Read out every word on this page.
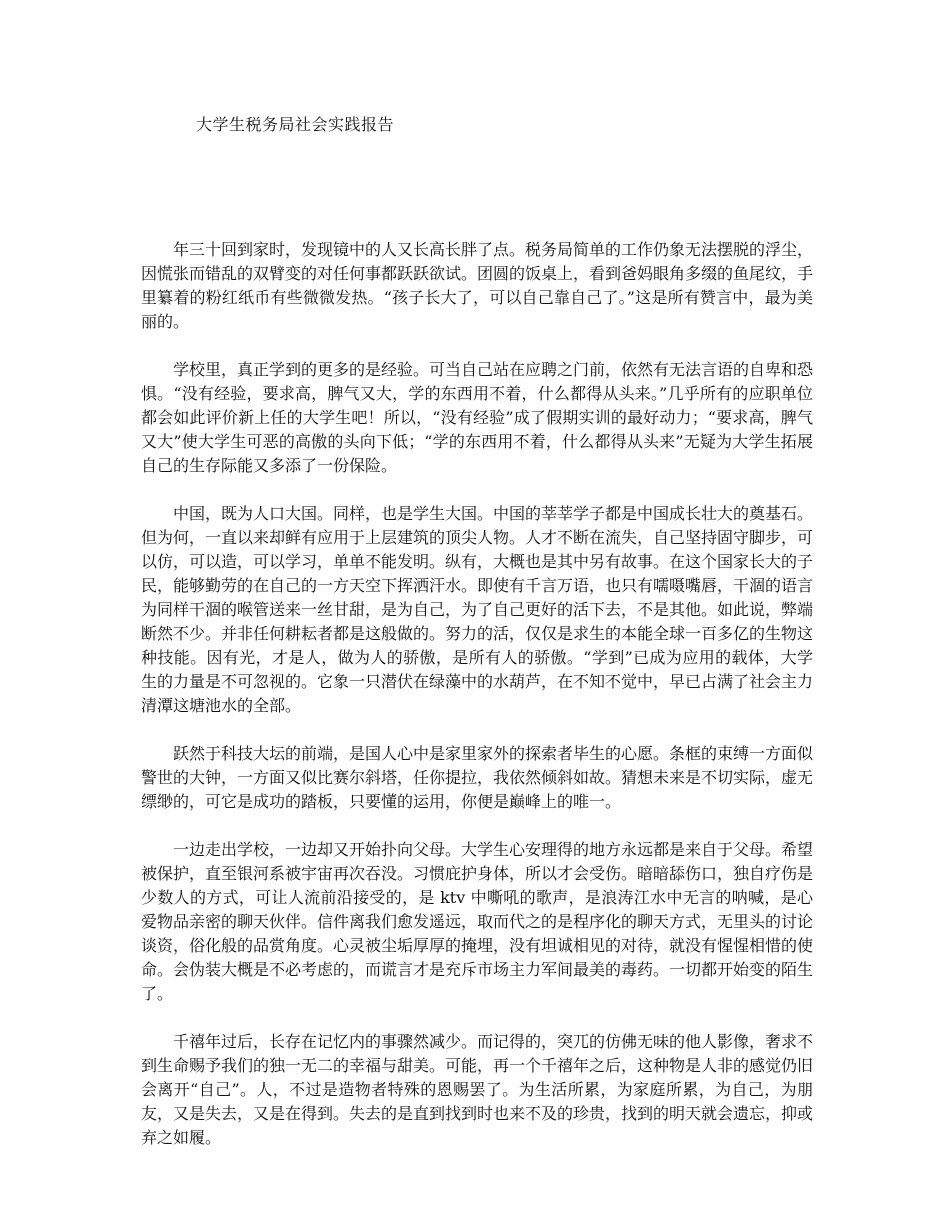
大学生税务局社会实践报告

年三十回到家时，发现镜中的人又长高长胖了点。税务局简单的工作仍象无法摆脱的浮尘，因慌张而错乱的双臂变的对任何事都跃跃欲试。团圆的饭桌上，看到爸妈眼角多缀的鱼尾纹，手里纂着的粉红纸币有些微微发热。“孩子长大了，可以自己靠自己了。”这是所有赞言中，最为美丽的。

学校里，真正学到的更多的是经验。可当自己站在应聘之门前，依然有无法言语的自卑和恐惧。“没有经验，要求高，脾气又大，学的东西用不着，什么都得从头来。”几乎所有的应职单位都会如此评价新上任的大学生吧！所以，“没有经验”成了假期实训的最好动力；“要求高，脾气又大”使大学生可恶的高傲的头向下低；“学的东西用不着，什么都得从头来”无疑为大学生拓展自己的生存际能又多添了一份保险。

中国，既为人口大国。同样，也是学生大国。中国的莘莘学子都是中国成长壮大的奠基石。但为何，一直以来却鲜有应用于上层建筑的顶尖人物。人才不断在流失，自己坚持固守脚步，可以仿，可以造，可以学习，单单不能发明。纵有，大概也是其中另有故事。在这个国家长大的子民，能够勤劳的在自己的一方天空下挥洒汗水。即使有千言万语，也只有嚅嗫嘴唇，干涸的语言为同样干涸的喉管送来一丝甘甜，是为自己，为了自己更好的活下去，不是其他。如此说，弊端断然不少。并非任何耕耘者都是这般做的。努力的活，仅仅是求生的本能全球一百多亿的生物这种技能。因有光，才是人，做为人的骄傲，是所有人的骄傲。“学到”已成为应用的载体，大学生的力量是不可忽视的。它象一只潜伏在绿藻中的水葫芦，在不知不觉中，早已占满了社会主力清潭这塘池水的全部。

跃然于科技大坛的前端，是国人心中是家里家外的探索者毕生的心愿。条框的束缚一方面似警世的大钟，一方面又似比赛尔斜塔，任你提拉，我依然倾斜如故。猜想未来是不切实际，虚无缥缈的，可它是成功的踏板，只要懂的运用，你便是巅峰上的唯一。

一边走出学校，一边却又开始扑向父母。大学生心安理得的地方永远都是来自于父母。希望被保护，直至银河系被宇宙再次吞没。习惯庇护身体，所以才会受伤。暗暗舔伤口，独自疗伤是少数人的方式，可让人流前沿接受的，是 ktv 中嘶吼的歌声，是浪涛江水中无言的呐喊，是心爱物品亲密的聊天伙伴。信件离我们愈发遥远，取而代之的是程序化的聊天方式，无里头的讨论谈资，俗化般的品赏角度。心灵被尘垢厚厚的掩埋，没有坦诚相见的对待，就没有惺惺相惜的使命。会伪装大概是不必考虑的，而谎言才是充斥市场主力军间最美的毒药。一切都开始变的陌生了。

千禧年过后，长存在记忆内的事骤然减少。而记得的，突兀的仿佛无味的他人影像，奢求不到生命赐予我们的独一无二的幸福与甜美。可能，再一个千禧年之后，这种物是人非的感觉仍旧会离开“自己”。人，不过是造物者特殊的恩赐罢了。为生活所累，为家庭所累，为自己，为朋友，又是失去，又是在得到。失去的是直到找到时也来不及的珍贵，找到的明天就会遗忘，抑或弃之如履。
